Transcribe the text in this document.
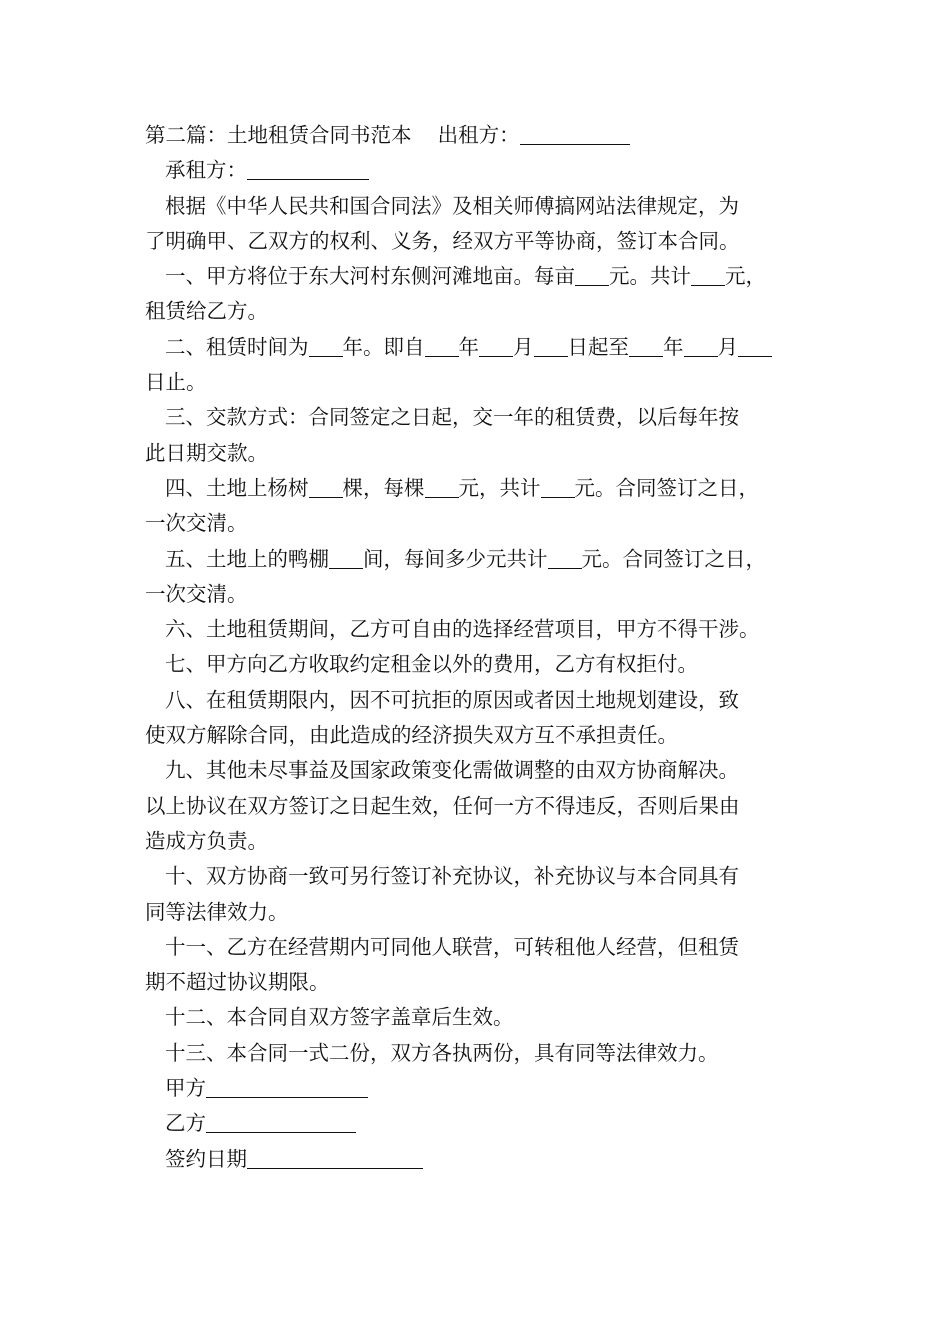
第二篇：土地租赁合同书范本 出租方：
承租方：
根据《中华人民共和国合同法》及相关师傅搞网站法律规定，为
了明确甲、乙双方的权利、义务，经双方平等协商，签订本合同。
一、甲方将位于东大河村东侧河滩地亩。每亩 元。共计 元，
租赁给乙方。
二、租赁时间为 年。即自 年 月 日起至 年 月
日止。
三、交款方式：合同签定之日起，交一年的租赁费，以后每年按
此日期交款。
四、土地上杨树 棵，每棵 元，共计 元。合同签订之日，
一次交清。
五、土地上的鸭棚 间，每间多少元共计 元。合同签订之日，
一次交清。
六、土地租赁期间，乙方可自由的选择经营项目，甲方不得干涉。
七、甲方向乙方收取约定租金以外的费用，乙方有权拒付。
八、在租赁期限内，因不可抗拒的原因或者因土地规划建设，致
使双方解除合同，由此造成的经济损失双方互不承担责任。
九、其他未尽事益及国家政策变化需做调整的由双方协商解决。
以上协议在双方签订之日起生效，任何一方不得违反，否则后果由
造成方负责。
十、双方协商一致可另行签订补充协议，补充协议与本合同具有
同等法律效力。
十一、乙方在经营期内可同他人联营，可转租他人经营，但租赁
期不超过协议期限。
十二、本合同自双方签字盖章后生效。
十三、本合同一式二份，双方各执两份，具有同等法律效力。
甲方
乙方
签约日期
